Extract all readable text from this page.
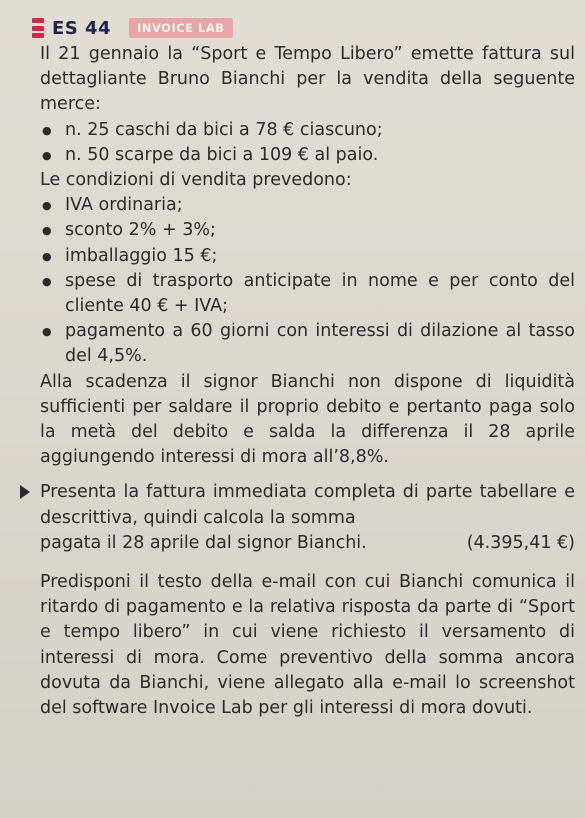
ES 44	INVOICE LAB

Il 21 gennaio la “Sport e Tempo Libero” emette fattura sul dettagliante Bruno Bianchi per la vendita della seguente merce:

● n. 25 caschi da bici a 78 € ciascuno;
● n. 50 scarpe da bici a 109 € al paio.

Le condizioni di vendita prevedono:

● IVA ordinaria;
● sconto 2% + 3%;
● imballaggio 15 €;
● spese di trasporto anticipate in nome e per conto del cliente 40 € + IVA;
● pagamento a 60 giorni con interessi di dilazione al tasso del 4,5%.

Alla scadenza il signor Bianchi non dispone di liquidità sufficienti per saldare il proprio debito e pertanto paga solo la metà del debito e salda la differenza il 28 aprile aggiungendo interessi di mora all’8,8%.

Presenta la fattura immediata completa di parte tabellare e descrittiva, quindi calcola la somma
pagata il 28 aprile dal signor Bianchi.	(4.395,41 €)

Predisponi il testo della e-mail con cui Bianchi comunica il ritardo di pagamento e la relativa risposta da parte di “Sport e tempo libero” in cui viene richiesto il versamento di interessi di mora. Come preventivo della somma ancora dovuta da Bianchi, viene allegato alla e-mail lo screenshot del software Invoice Lab per gli interessi di mora dovuti.
